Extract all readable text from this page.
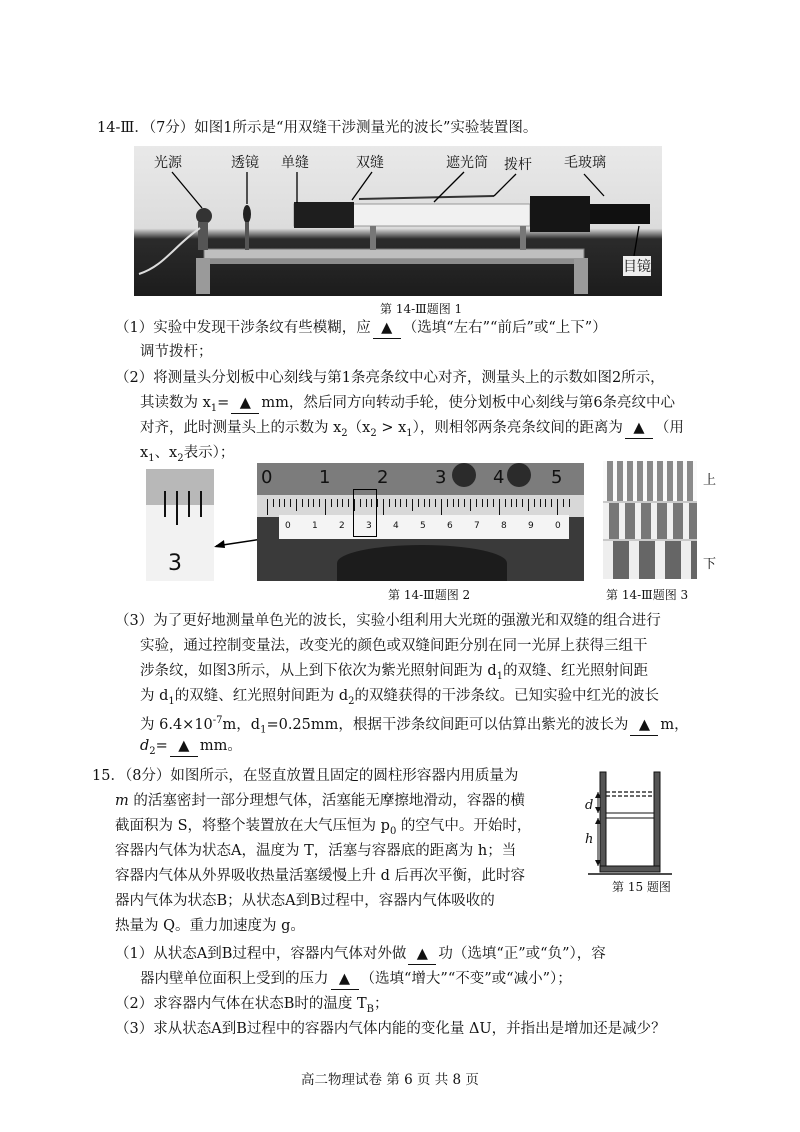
14-Ⅲ．（7分）如图1所示是“用双缝干涉测量光的波长”实验装置图。
光源	透镜 单缝	双缝	遮光筒 拨杆 毛玻璃
目镜
第 14-Ⅲ题图 1
（1）实验中发现干涉条纹有些模糊，应 ▲ （选填“左右”“前后”或“上下”）
调节拨杆；
（2）将测量头分划板中心刻线与第1条亮条纹中心对齐，测量头上的示数如图2所示，
其读数为 $x_1=$ ▲ mm，然后同方向转动手轮，使分划板中心刻线与第6条亮纹中心
对齐，此时测量头上的示数为 $x_2(x_2 > x_1)$，则相邻两条亮条纹间的距离为 ▲ （用
$x_1$、$x_2$表示）；
3
0	1	2	3	4	5
0 1 2 3 4 5 6 7 8 9 0
上
下
第 14-Ⅲ题图 2	第 14-Ⅲ题图 3
（3）为了更好地测量单色光的波长，实验小组利用大光斑的强激光和双缝的组合进行
实验，通过控制变量法，改变光的颜色或双缝间距分别在同一光屏上获得三组干
涉条纹，如图3所示，从上到下依次为紫光照射间距为 $d_1$的双缝、红光照射间距
为 $d_1$的双缝、红光照射间距为 $d_2$的双缝获得的干涉条纹。已知实验中红光的波长
为 $6.4\times 10^{-7}m$，$d_1=0.25mm$，根据干涉条纹间距可以估算出紫光的波长为 ▲ m，
$d_2=$ ▲ mm。
15．（8分）如图所示，在竖直放置且固定的圆柱形容器内用质量为
m 的活塞密封一部分理想气体，活塞能无摩擦地滑动，容器的横
截面积为 S，将整个装置放在大气压恒为 $p_0$ 的空气中。开始时，
容器内气体为状态A，温度为 T，活塞与容器底的距离为 h；当
容器内气体从外界吸收热量活塞缓慢上升 d 后再次平衡，此时容
器内气体为状态B；从状态A到B过程中，容器内气体吸收的
热量为 Q。重力加速度为 g。
d
h
第 15 题图
（1）从状态A到B过程中，容器内气体对外做 ▲ 功（选填“正”或“负”），容
器内壁单位面积上受到的压力 ▲ （选填“增大”“不变”或“减小”）；
（2）求容器内气体在状态B时的温度 $T_B$；
（3）求从状态A到B过程中的容器内气体内能的变化量 ΔU，并指出是增加还是减少？
高二物理试卷 第 6 页 共 8 页
